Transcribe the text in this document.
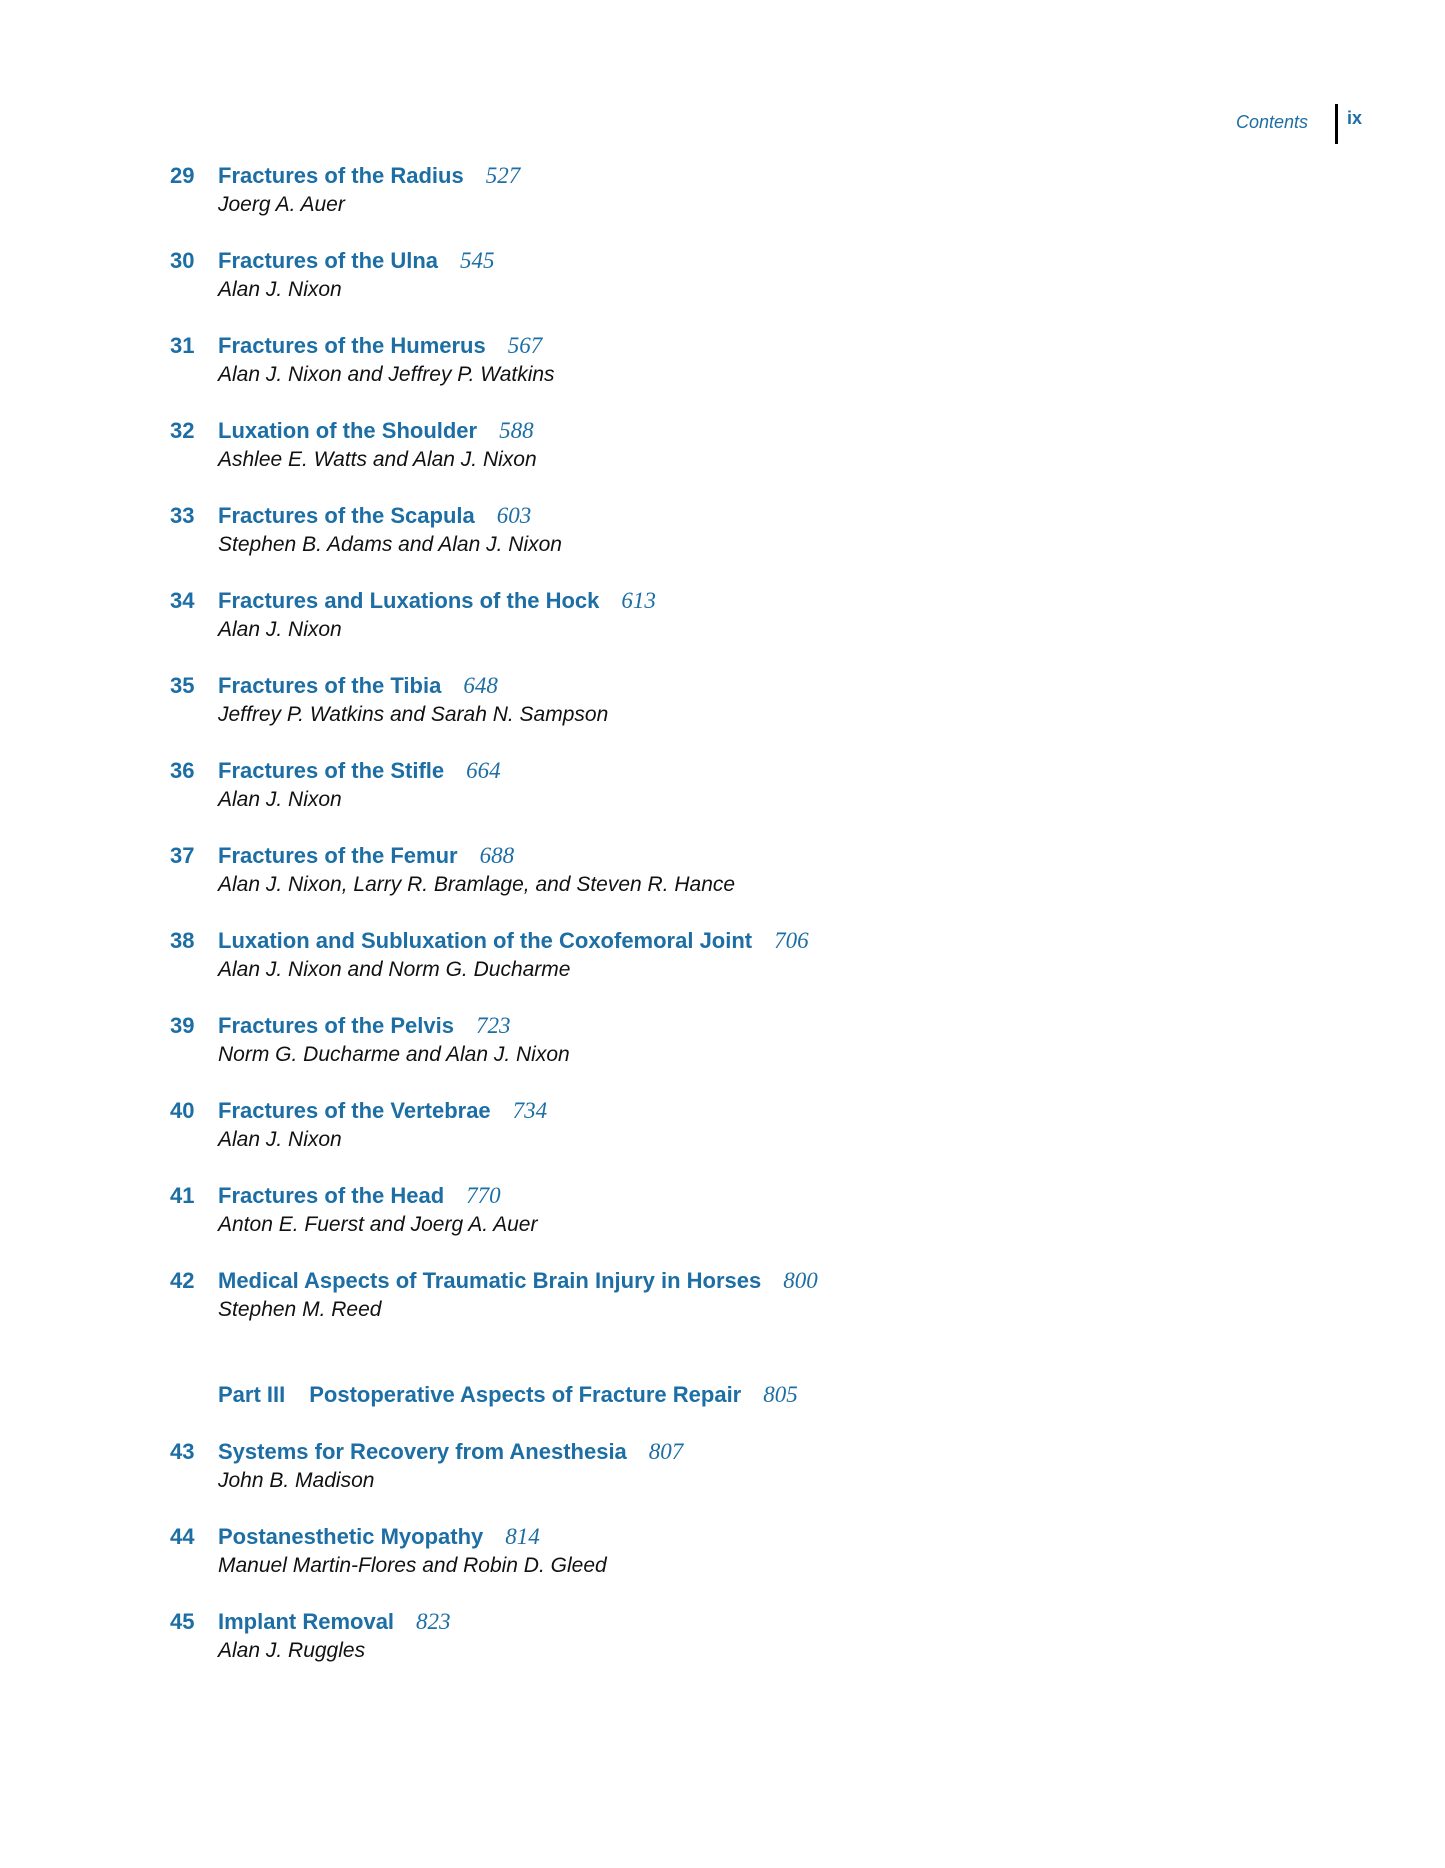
Contents ix
29	Fractures of the Radius 527
Joerg A. Auer
30	Fractures of the Ulna 545
Alan J. Nixon
31	Fractures of the Humerus 567
Alan J. Nixon and Jeffrey P. Watkins
32	Luxation of the Shoulder 588
Ashlee E. Watts and Alan J. Nixon
33	Fractures of the Scapula 603
Stephen B. Adams and Alan J. Nixon
34	Fractures and Luxations of the Hock 613
Alan J. Nixon
35	Fractures of the Tibia 648
Jeffrey P. Watkins and Sarah N. Sampson
36	Fractures of the Stifle 664
Alan J. Nixon
37	Fractures of the Femur 688
Alan J. Nixon, Larry R. Bramlage, and Steven R. Hance
38	Luxation and Subluxation of the Coxofemoral Joint 706
Alan J. Nixon and Norm G. Ducharme
39	Fractures of the Pelvis 723
Norm G. Ducharme and Alan J. Nixon
40	Fractures of the Vertebrae 734
Alan J. Nixon
41	Fractures of the Head 770
Anton E. Fuerst and Joerg A. Auer
42	Medical Aspects of Traumatic Brain Injury in Horses 800
Stephen M. Reed
Part III Postoperative Aspects of Fracture Repair 805
43	Systems for Recovery from Anesthesia 807
John B. Madison
44	Postanesthetic Myopathy 814
Manuel Martin-Flores and Robin D. Gleed
45	Implant Removal 823
Alan J. Ruggles
